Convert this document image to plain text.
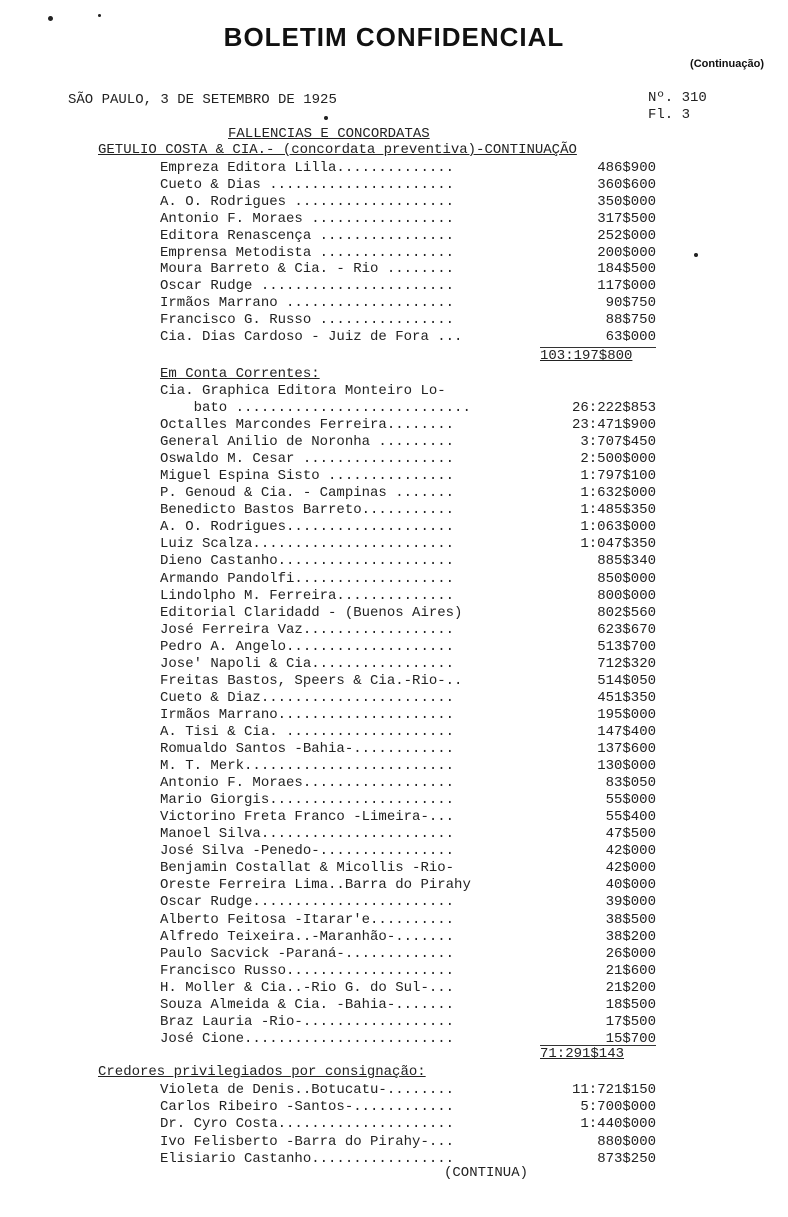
BOLETIM CONFIDENCIAL
(Continuação)
SÃO PAULO, 3 DE SETEMBRO DE 1925	Nº. 310
Fl. 3
FALLENCIAS E CONCORDATAS
GETULIO COSTA & CIA.- (concordata preventiva)-CONTINUAÇÃO
Empreza Editora Lilla..............	486$900
Cueto & Dias ......................	360$600
A. O. Rodrigues ...................	350$000
Antonio F. Moraes .................	317$500
Editora Renascença ................	252$000
Emprensa Metodista ................	200$000
Moura Barreto & Cia. - Rio ........	184$500
Oscar Rudge .......................	117$000
Irmãos Marrano ....................	90$750
Francisco G. Russo ................	88$750
Cia. Dias Cardoso - Juiz de Fora ...	63$000
103:197$800
Em Conta Correntes:
Cia. Graphica Editora Monteiro Lo-
bato ............................	26:222$853
Octalles Marcondes Ferreira........	23:471$900
General Anilio de Noronha .........	3:707$450
Oswaldo M. Cesar ..................	2:500$000
Miguel Espina Sisto ...............	1:797$100
P. Genoud & Cia. - Campinas .......	1:632$000
Benedicto Bastos Barreto...........	1:485$350
A. O. Rodrigues....................	1:063$000
Luiz Scalza........................	1:047$350
Dieno Castanho.....................	885$340
Armando Pandolfi...................	850$000
Lindolpho M. Ferreira..............	800$000
Editorial Claridadd - (Buenos Aires)	802$560
José Ferreira Vaz..................	623$670
Pedro A. Angelo....................	513$700
Jose' Napoli & Cia.................	712$320
Freitas Bastos, Speers & Cia.-Rio-..	514$050
Cueto & Diaz.......................	451$350
Irmãos Marrano.....................	195$000
A. Tisi & Cia. ....................	147$400
Romualdo Santos -Bahia-............	137$600
M. T. Merk.........................	130$000
Antonio F. Moraes..................	83$050
Mario Giorgis......................	55$000
Victorino Freta Franco -Limeira-...	55$400
Manoel Silva.......................	47$500
José Silva -Penedo-................	42$000
Benjamin Costallat & Micollis -Rio-	42$000
Oreste Ferreira Lima..Barra do Pirahy	40$000
Oscar Rudge........................	39$000
Alberto Feitosa -Itarar'e..........	38$500
Alfredo Teixeira..-Maranhão-.......	38$200
Paulo Sacvick -Paraná-.............	26$000
Francisco Russo....................	21$600
H. Moller & Cia..-Rio G. do Sul-...	21$200
Souza Almeida & Cia. -Bahia-.......	18$500
Braz Lauria -Rio-..................	17$500
José Cione.........................	15$700
71:291$143
Credores privilegiados por consignação:
Violeta de Denis..Botucatu-........	11:721$150
Carlos Ribeiro -Santos-............	5:700$000
Dr. Cyro Costa.....................	1:440$000
Ivo Felisberto -Barra do Pirahy-...	880$000
Elisiario Castanho.................	873$250
(CONTINUA)
